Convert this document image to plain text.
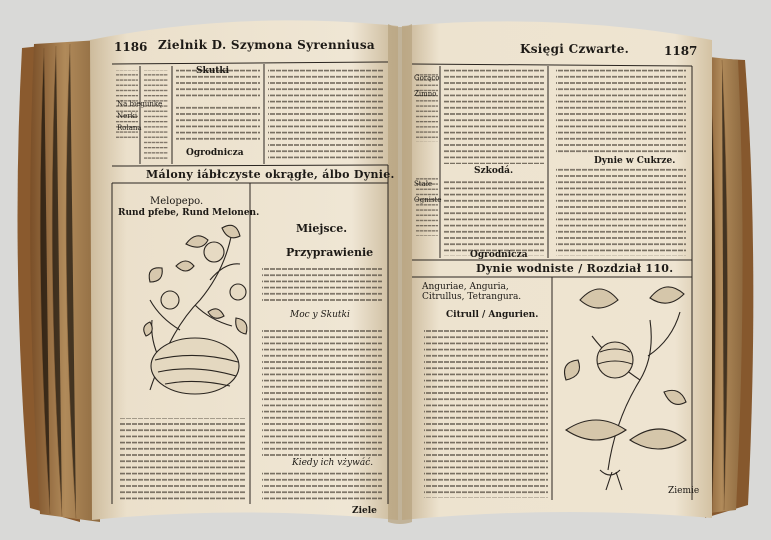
1186 Zielnik D. Szymona Syrenniusa
Skutki
Ogrodnicza
Málony iábłczyste okrągłe, álbo Dynie.
Melopepo.
Rund pfebe, Rund Melonen.
Miejsce.
Przyprawienie
Moc y Skutki
Kiedy ich vżywáć.
Na biegunkę
Nerki
Rolana
Ziele
Księgi Czwarte.	1187
Szkodá.
Ogrodnicza
Dynie w Cukrze.
Dynie wodniste / Rozdział 110.
Anguriae, Anguria, Citrullus, Tetrangura.
Citrull / Angurien.
Gorąco
Zimno
Stałe
Ogniste
Ziemie
